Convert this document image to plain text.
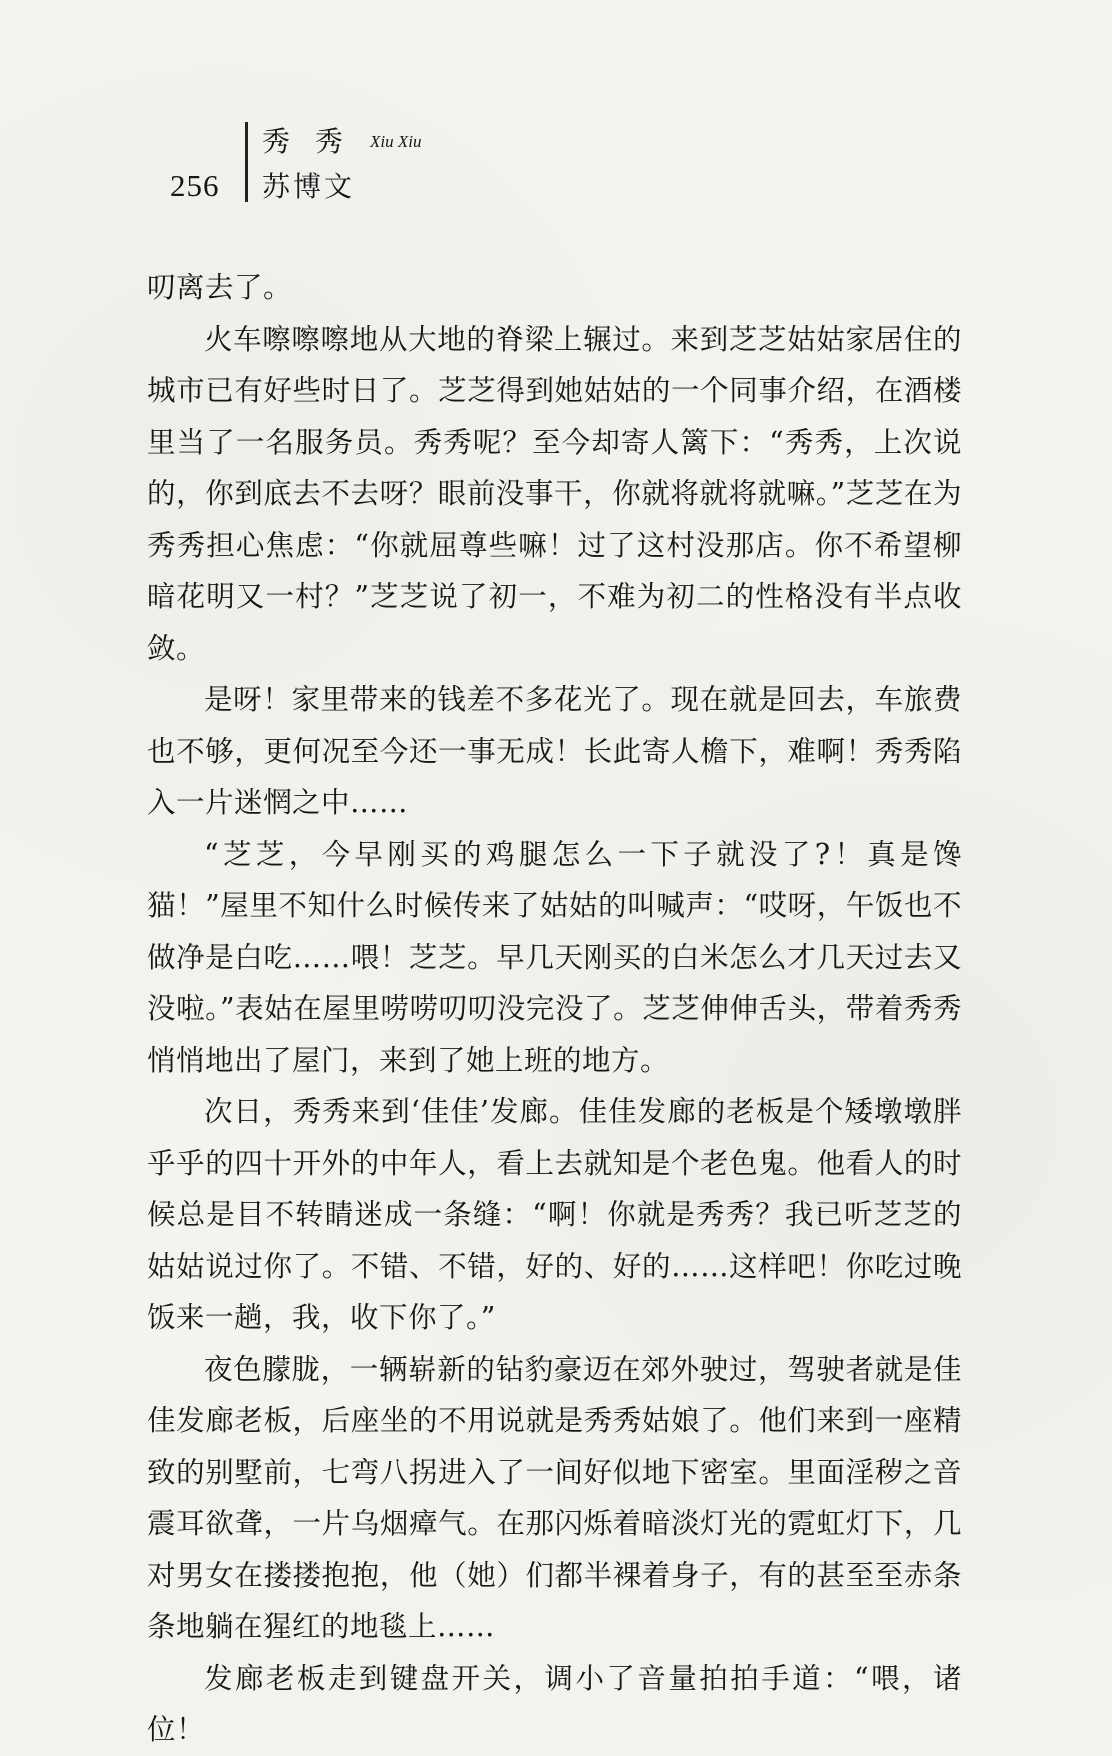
256
秀 秀 Xiu Xiu
苏博文

叨离去了。

火车嚓嚓嚓地从大地的脊梁上辗过。来到芝芝姑姑家居住的城市已有好些时日了。芝芝得到她姑姑的一个同事介绍，在酒楼里当了一名服务员。秀秀呢？至今却寄人篱下：“秀秀，上次说的，你到底去不去呀？眼前没事干，你就将就将就嘛。”芝芝在为秀秀担心焦虑：“你就屈尊些嘛！过了这村没那店。你不希望柳暗花明又一村？”芝芝说了初一，不难为初二的性格没有半点收敛。

是呀！家里带来的钱差不多花光了。现在就是回去，车旅费也不够，更何况至今还一事无成！长此寄人檐下，难啊！秀秀陷入一片迷惘之中……

“芝芝，今早刚买的鸡腿怎么一下子就没了?！真是馋猫！”屋里不知什么时候传来了姑姑的叫喊声：“哎呀，午饭也不做净是白吃……喂！芝芝。早几天刚买的白米怎么才几天过去又没啦。”表姑在屋里唠唠叨叨没完没了。芝芝伸伸舌头，带着秀秀悄悄地出了屋门，来到了她上班的地方。

次日，秀秀来到‘佳佳’发廊。佳佳发廊的老板是个矮墩墩胖乎乎的四十开外的中年人，看上去就知是个老色鬼。他看人的时候总是目不转睛迷成一条缝：“啊！你就是秀秀？我已听芝芝的姑姑说过你了。不错、不错，好的、好的……这样吧！你吃过晚饭来一趟，我，收下你了。”

夜色朦胧，一辆崭新的钻豹豪迈在郊外驶过，驾驶者就是佳佳发廊老板，后座坐的不用说就是秀秀姑娘了。他们来到一座精致的别墅前，七弯八拐进入了一间好似地下密室。里面淫秽之音震耳欲聋，一片乌烟瘴气。在那闪烁着暗淡灯光的霓虹灯下，几对男女在搂搂抱抱，他（她）们都半裸着身子，有的甚至至赤条条地躺在猩红的地毯上……

发廊老板走到键盘开关，调小了音量拍拍手道：“喂，诸位！
